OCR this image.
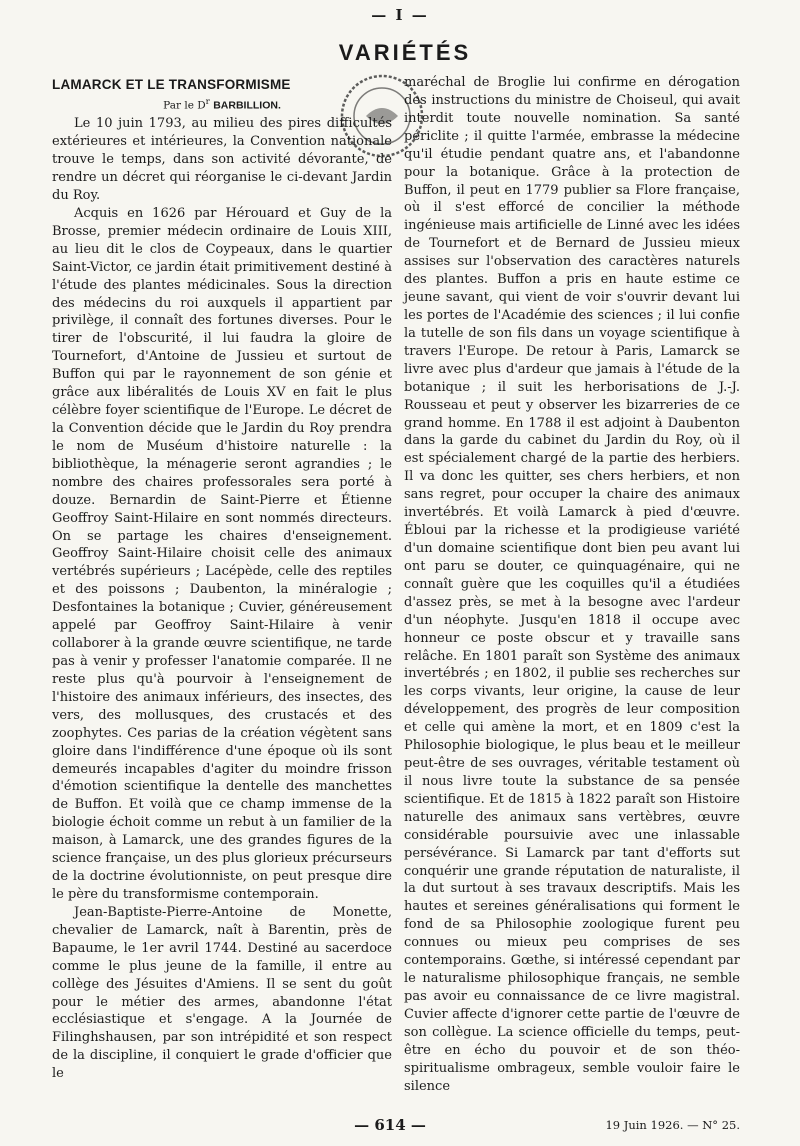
— I —
VARIÉTÉS

LAMARCK ET LE TRANSFORMISME

Par le $D^r$ BARBILLION.

Le 10 juin 1793, au milieu des pires difficultés extérieures et intérieures, la Convention nationale trouve le temps, dans son activité dévorante, de rendre un décret qui réorganise le ci-devant Jardin du Roy.

Acquis en 1626 par Hérouard et Guy de la Brosse, premier médecin ordinaire de Louis XIII, au lieu dit le clos de Coypeaux, dans le quartier Saint-Victor, ce jardin était primitivement destiné à l'étude des plantes médicinales. Sous la direction des médecins du roi auxquels il appartient par privilège, il connaît des fortunes diverses. Pour le tirer de l'obscurité, il lui faudra la gloire de Tournefort, d'Antoine de Jussieu et surtout de Buffon qui par le rayonnement de son génie et grâce aux libéralités de Louis XV en fait le plus célèbre foyer scientifique de l'Europe. Le décret de la Convention décide que le Jardin du Roy prendra le nom de Muséum d'histoire naturelle : la bibliothèque, la ménagerie seront agrandies ; le nombre des chaires professorales sera porté à douze. Bernardin de Saint-Pierre et Étienne Geoffroy Saint-Hilaire en sont nommés directeurs. On se partage les chaires d'enseignement. Geoffroy Saint-Hilaire choisit celle des animaux vertébrés supérieurs ; Lacépède, celle des reptiles et des poissons ; Daubenton, la minéralogie ; Desfontaines la botanique ; Cuvier, généreusement appelé par Geoffroy Saint-Hilaire à venir collaborer à la grande œuvre scientifique, ne tarde pas à venir y professer l'anatomie comparée. Il ne reste plus qu'à pourvoir à l'enseignement de l'histoire des animaux inférieurs, des insectes, des vers, des mollusques, des crustacés et des zoophytes. Ces parias de la création végètent sans gloire dans l'indifférence d'une époque où ils sont demeurés incapables d'agiter du moindre frisson d'émotion scientifique la dentelle des manchettes de Buffon. Et voilà que ce champ immense de la biologie échoit comme un rebut à un familier de la maison, à Lamarck, une des grandes figures de la science française, un des plus glorieux précurseurs de la doctrine évolutionniste, on peut presque dire le père du transformisme contemporain.

Jean-Baptiste-Pierre-Antoine de Monette, chevalier de Lamarck, naît à Barentin, près de Bapaume, le 1er avril 1744. Destiné au sacerdoce comme le plus jeune de la famille, il entre au collège des Jésuites d'Amiens. Il se sent du goût pour le métier des armes, abandonne l'état ecclésiastique et s'engage. A la Journée de Filinghshausen, par son intrépidité et son respect de la discipline, il conquiert le grade d'officier que le

maréchal de Broglie lui confirme en dérogation des instructions du ministre de Choiseul, qui avait interdit toute nouvelle nomination. Sa santé périclite ; il quitte l'armée, embrasse la médecine qu'il étudie pendant quatre ans, et l'abandonne pour la botanique. Grâce à la protection de Buffon, il peut en 1779 publier sa Flore française, où il s'est efforcé de concilier la méthode ingénieuse mais artificielle de Linné avec les idées de Tournefort et de Bernard de Jussieu mieux assises sur l'observation des caractères naturels des plantes. Buffon a pris en haute estime ce jeune savant, qui vient de voir s'ouvrir devant lui les portes de l'Académie des sciences ; il lui confie la tutelle de son fils dans un voyage scientifique à travers l'Europe. De retour à Paris, Lamarck se livre avec plus d'ardeur que jamais à l'étude de la botanique ; il suit les herborisations de J.-J. Rousseau et peut y observer les bizarreries de ce grand homme. En 1788 il est adjoint à Daubenton dans la garde du cabinet du Jardin du Roy, où il est spécialement chargé de la partie des herbiers. Il va donc les quitter, ses chers herbiers, et non sans regret, pour occuper la chaire des animaux invertébrés. Et voilà Lamarck à pied d'œuvre. Ébloui par la richesse et la prodigieuse variété d'un domaine scientifique dont bien peu avant lui ont paru se douter, ce quinquagénaire, qui ne connaît guère que les coquilles qu'il a étudiées d'assez près, se met à la besogne avec l'ardeur d'un néophyte. Jusqu'en 1818 il occupe avec honneur ce poste obscur et y travaille sans relâche. En 1801 paraît son Système des animaux invertébrés ; en 1802, il publie ses recherches sur les corps vivants, leur origine, la cause de leur développement, des progrès de leur composition et celle qui amène la mort, et en 1809 c'est la Philosophie biologique, le plus beau et le meilleur peut-être de ses ouvrages, véritable testament où il nous livre toute la substance de sa pensée scientifique. Et de 1815 à 1822 paraît son Histoire naturelle des animaux sans vertèbres, œuvre considérable poursuivie avec une inlassable persévérance. Si Lamarck par tant d'efforts sut conquérir une grande réputation de naturaliste, il la dut surtout à ses travaux descriptifs. Mais les hautes et sereines généralisations qui forment le fond de sa Philosophie zoologique furent peu connues ou mieux peu comprises de ses contemporains. Gœthe, si intéressé cependant par le naturalisme philosophique français, ne semble pas avoir eu connaissance de ce livre magistral. Cuvier affecte d'ignorer cette partie de l'œuvre de son collègue. La science officielle du temps, peut-être en écho du pouvoir et de son théo-spiritualisme ombrageux, semble vouloir faire le silence

— 614 —	19 Juin 1926. — N° 25.
